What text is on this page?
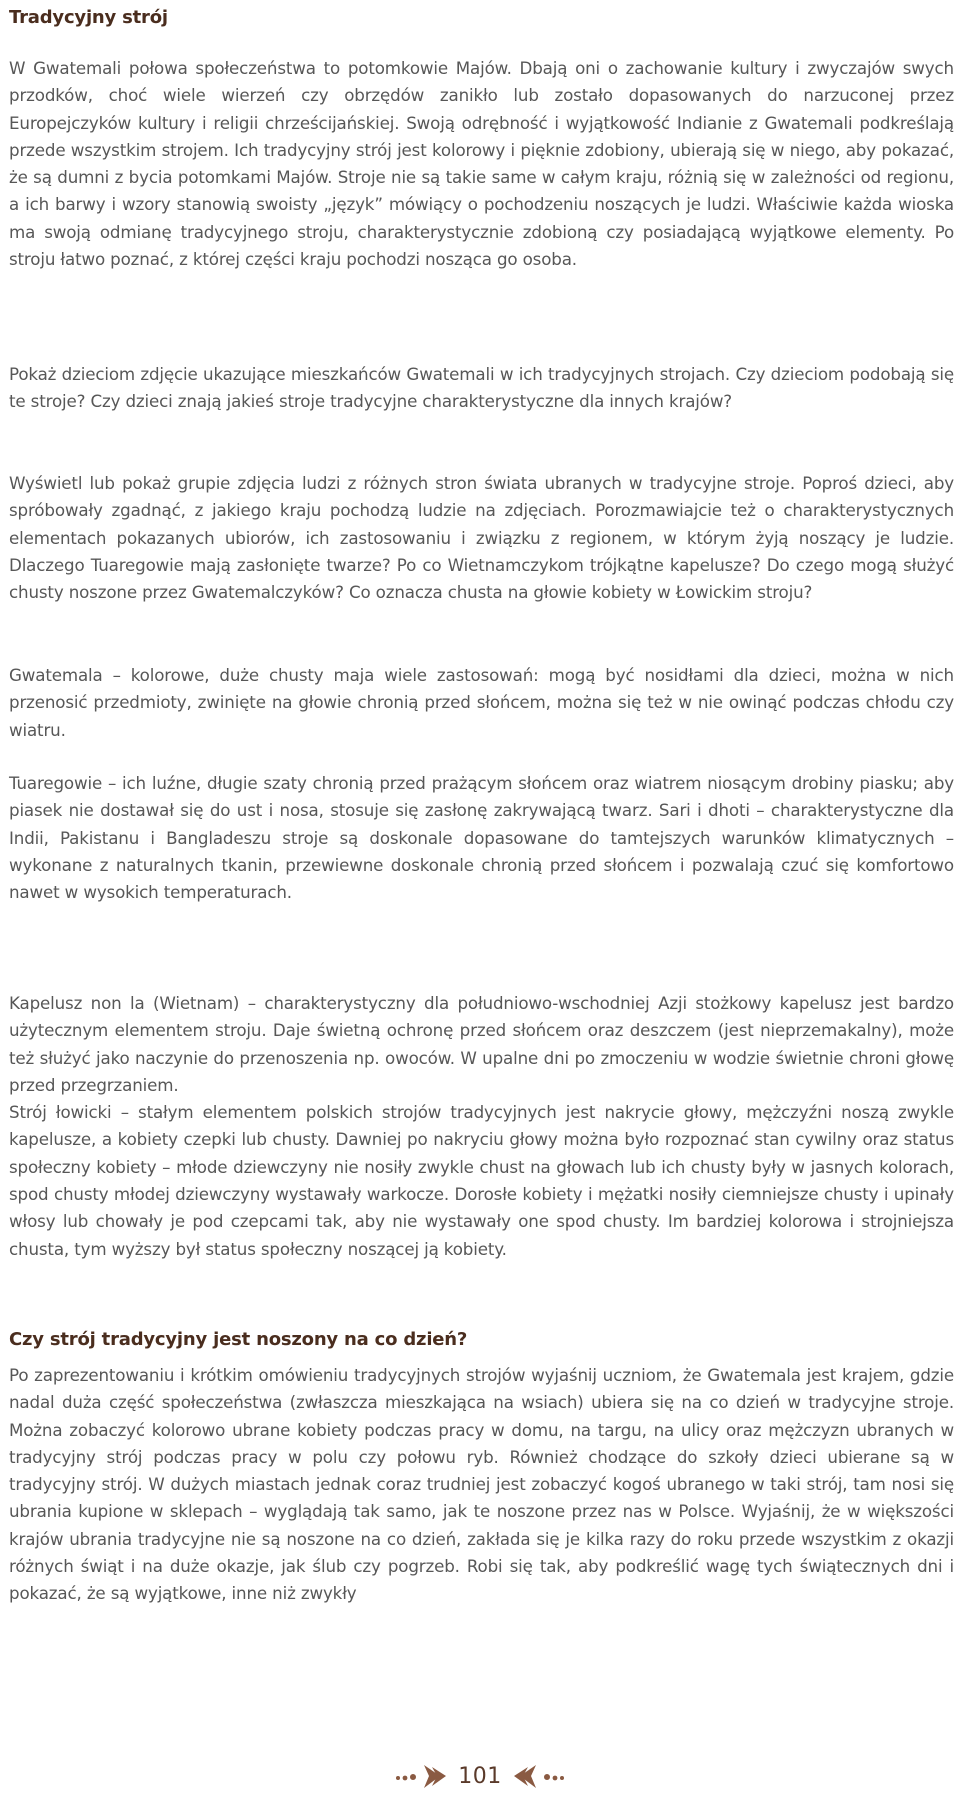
Tradycyjny strój

W Gwatemali połowa społeczeństwa to potomkowie Majów. Dbają oni o zachowanie kultury i zwyczajów swych przodków, choć wiele wierzeń czy obrzędów zanikło lub zostało dopasowanych do narzuconej przez Europejczyków kultury i religii chrześcijańskiej. Swoją odrębność i wyjątkowość Indianie z Gwatemali podkreślają przede wszystkim strojem. Ich tradycyjny strój jest kolorowy i pięknie zdobiony, ubierają się w niego, aby pokazać, że są dumni z bycia potomkami Majów. Stroje nie są takie same w całym kraju, różnią się w zależności od regionu, a ich barwy i wzory stanowią swoisty „język” mówiący o pochodzeniu noszących je ludzi. Właściwie każda wioska ma swoją odmianę tradycyjnego stroju, charakterystycznie zdobioną czy posiadającą wyjątkowe elementy. Po stroju łatwo poznać, z której części kraju pochodzi nosząca go osoba.

Pokaż dzieciom zdjęcie ukazujące mieszkańców Gwatemali w ich tradycyjnych strojach. Czy dzieciom podobają się te stroje? Czy dzieci znają jakieś stroje tradycyjne charakterystyczne dla innych krajów?

Wyświetl lub pokaż grupie zdjęcia ludzi z różnych stron świata ubranych w tradycyjne stroje. Poproś dzieci, aby spróbowały zgadnąć, z jakiego kraju pochodzą ludzie na zdjęciach. Porozmawiajcie też o charakterystycznych elementach pokazanych ubiorów, ich zastosowaniu i związku z regionem, w którym żyją noszący je ludzie. Dlaczego Tuaregowie mają zasłonięte twarze? Po co Wietnamczykom trójkątne kapelusze? Do czego mogą służyć chusty noszone przez Gwatemalczyków? Co oznacza chusta na głowie kobiety w Łowickim stroju?

Gwatemala – kolorowe, duże chusty maja wiele zastosowań: mogą być nosidłami dla dzieci, można w nich przenosić przedmioty, zwinięte na głowie chronią przed słońcem, można się też w nie owinąć podczas chłodu czy wiatru.

Tuaregowie – ich luźne, długie szaty chronią przed prażącym słońcem oraz wiatrem niosącym drobiny piasku; aby piasek nie dostawał się do ust i nosa, stosuje się zasłonę zakrywającą twarz. Sari i dhoti – charakterystyczne dla Indii, Pakistanu i Bangladeszu stroje są doskonale dopasowane do tamtejszych warunków klimatycznych – wykonane z naturalnych tkanin, przewiewne doskonale chronią przed słońcem i pozwalają czuć się komfortowo nawet w wysokich temperaturach.

Kapelusz non la (Wietnam) – charakterystyczny dla południowo-wschodniej Azji stożkowy kapelusz jest bardzo użytecznym elementem stroju. Daje świetną ochronę przed słońcem oraz deszczem (jest nieprzemakalny), może też służyć jako naczynie do przenoszenia np. owoców. W upalne dni po zmoczeniu w wodzie świetnie chroni głowę przed przegrzaniem.

Strój łowicki – stałym elementem polskich strojów tradycyjnych jest nakrycie głowy, mężczyźni noszą zwykle kapelusze, a kobiety czepki lub chusty. Dawniej po nakryciu głowy można było rozpoznać stan cywilny oraz status społeczny kobiety – młode dziewczyny nie nosiły zwykle chust na głowach lub ich chusty były w jasnych kolorach, spod chusty młodej dziewczyny wystawały warkocze. Dorosłe kobiety i mężatki nosiły ciemniejsze chusty i upinały włosy lub chowały je pod czepcami tak, aby nie wystawały one spod chusty. Im bardziej kolorowa i strojniejsza chusta, tym wyższy był status społeczny noszącej ją kobiety.

Czy strój tradycyjny jest noszony na co dzień?

Po zaprezentowaniu i krótkim omówieniu tradycyjnych strojów wyjaśnij uczniom, że Gwatemala jest krajem, gdzie nadal duża część społeczeństwa (zwłaszcza mieszkająca na wsiach) ubiera się na co dzień w tradycyjne stroje. Można zobaczyć kolorowo ubrane kobiety podczas pracy w domu, na targu, na ulicy oraz mężczyzn ubranych w tradycyjny strój podczas pracy w polu czy połowu ryb. Również chodzące do szkoły dzieci ubierane są w tradycyjny strój. W dużych miastach jednak coraz trudniej jest zobaczyć kogoś ubranego w taki strój, tam nosi się ubrania kupione w sklepach – wyglądają tak samo, jak te noszone przez nas w Polsce. Wyjaśnij, że w większości krajów ubrania tradycyjne nie są noszone na co dzień, zakłada się je kilka razy do roku przede wszystkim z okazji różnych świąt i na duże okazje, jak ślub czy pogrzeb. Robi się tak, aby podkreślić wagę tych świątecznych dni i pokazać, że są wyjątkowe, inne niż zwykły

101
